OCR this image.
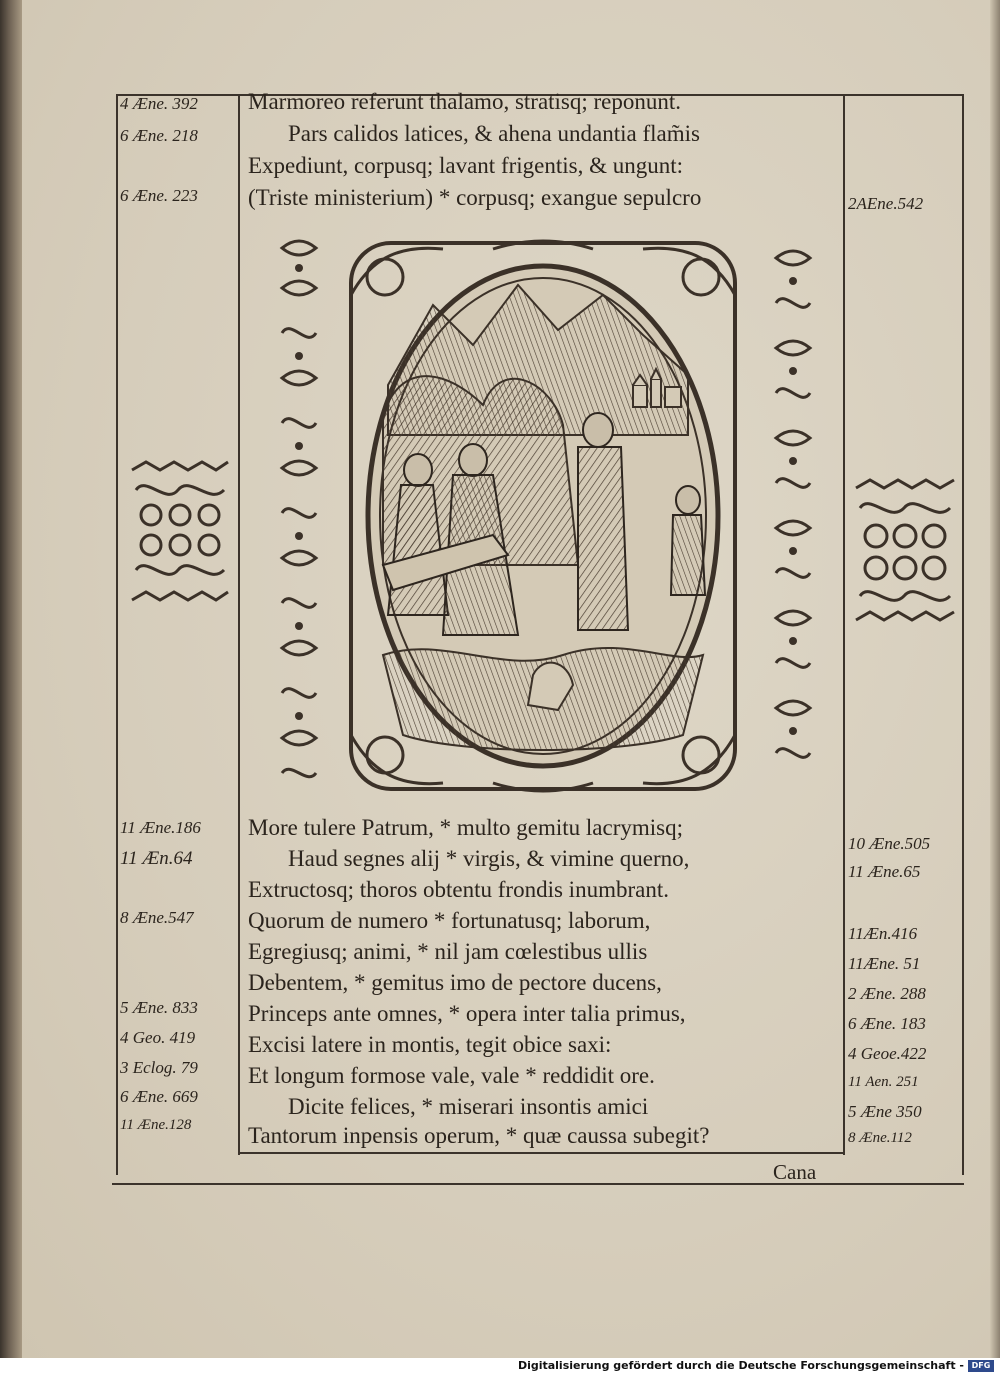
4 Æne. 392
6 Æne. 218
6 Æne. 223	2AEne.542
Marmoreo referunt thalamo, stratisq; reponunt.
Pars calidos latices, & ahena undantia flam̃is
Expediunt, corpusq; lavant frigentis, & ungunt:
(Triste ministerium) * corpusq; exangue sepulcro
11 Æne.186
11 Æn.64
8 Æne.547
5 Æne. 833
4 Geo. 419
3 Eclog. 79
6 Æne. 669
11 Æne.128
10 Æne.505
11 Æne.65
11Æn.416
11Æne. 51
2 Æne. 288
6 Æne. 183
4 Geoe.422
11 Aen. 251
5 Æne 350
8 Æne.112
More tulere Patrum, * multo gemitu lacrymisq;
Haud segnes alij * virgis, & vimine querno,
Extructosq; thoros obtentu frondis inumbrant.
Quorum de numero * fortunatusq; laborum,
Egregiusq; animi, * nil jam cœlestibus ullis
Debentem, * gemitus imo de pectore ducens,
Princeps ante omnes, * opera inter talia primus,
Excisi latere in montis, tegit obice saxi:
Et longum formose vale, vale * reddidit ore.
Dicite felices, * miserari insontis amici
Tantorum inpensis operum, * quæ caussa subegit?
Cana
Digitalisierung gefördert durch die Deutsche Forschungsgemeinschaft - DFG
